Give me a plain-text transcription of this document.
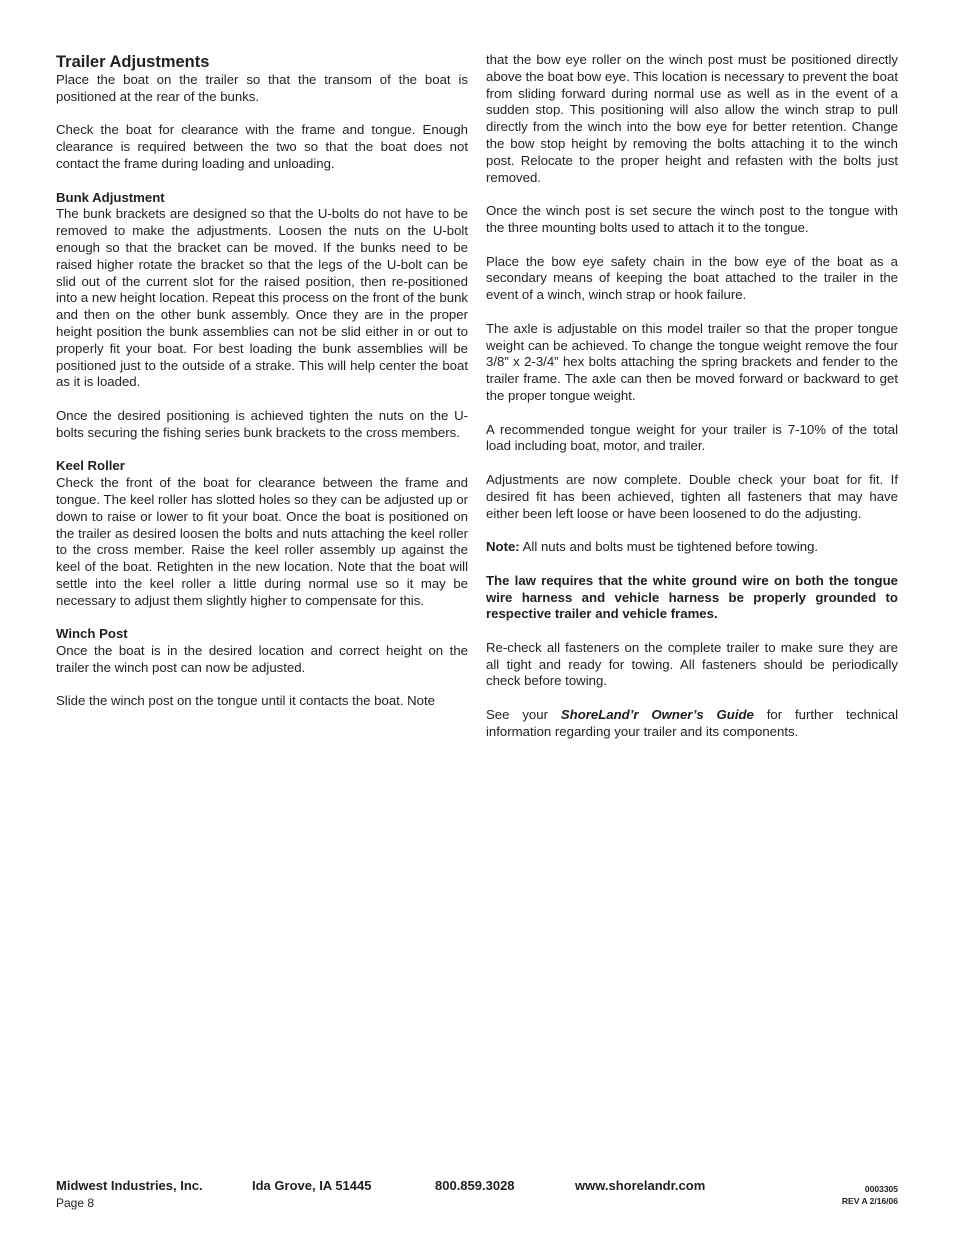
Trailer Adjustments

Place the boat on the trailer so that the transom of the boat is positioned at the rear of the bunks.

Check the boat for clearance with the frame and tongue. Enough clearance is required between the two so that the boat does not contact the frame during loading and unloading.

Bunk Adjustment

The bunk brackets are designed so that the U-bolts do not have to be removed to make the adjustments. Loosen the nuts on the U-bolt enough so that the bracket can be moved. If the bunks need to be raised higher rotate the bracket so that the legs of the U-bolt can be slid out of the current slot for the raised position, then re-positioned into a new height location. Repeat this process on the front of the bunk and then on the other bunk assembly. Once they are in the proper height position the bunk assemblies can not be slid either in or out to properly fit your boat. For best loading the bunk assemblies will be positioned just to the outside of a strake. This will help center the boat as it is loaded.

Once the desired positioning is achieved tighten the nuts on the U-bolts securing the fishing series bunk brackets to the cross members.

Keel Roller

Check the front of the boat for clearance between the frame and tongue. The keel roller has slotted holes so they can be adjusted up or down to raise or lower to fit your boat. Once the boat is positioned on the trailer as desired loosen the bolts and nuts attaching the keel roller to the cross member. Raise the keel roller assembly up against the keel of the boat. Retighten in the new location. Note that the boat will settle into the keel roller a little during normal use so it may be necessary to adjust them slightly higher to compensate for this.

Winch Post

Once the boat is in the desired location and correct height on the trailer the winch post can now be adjusted.

Slide the winch post on the tongue until it contacts the boat. Note

that the bow eye roller on the winch post must be positioned directly above the boat bow eye. This location is necessary to prevent the boat from sliding forward during normal use as well as in the event of a sudden stop. This positioning will also allow the winch strap to pull directly from the winch into the bow eye for better retention. Change the bow stop height by removing the bolts attaching it to the winch post. Relocate to the proper height and refasten with the bolts just removed.

Once the winch post is set secure the winch post to the tongue with the three mounting bolts used to attach it to the tongue.

Place the bow eye safety chain in the bow eye of the boat as a secondary means of keeping the boat attached to the trailer in the event of a winch, winch strap or hook failure.

The axle is adjustable on this model trailer so that the proper tongue weight can be achieved. To change the tongue weight remove the four 3/8” x 2-3/4” hex bolts attaching the spring brackets and fender to the trailer frame. The axle can then be moved forward or backward to get the proper tongue weight.

A recommended tongue weight for your trailer is 7-10% of the total load including boat, motor, and trailer.

Adjustments are now complete. Double check your boat for fit. If desired fit has been achieved, tighten all fasteners that may have either been left loose or have been loosened to do the adjusting.

Note: All nuts and bolts must be tightened before towing.

The law requires that the white ground wire on both the tongue wire harness and vehicle harness be properly grounded to respective trailer and vehicle frames.

Re-check all fasteners on the complete trailer to make sure they are all tight and ready for towing. All fasteners should be periodically check before towing.

See your ShoreLand’r Owner’s Guide for further technical information regarding your trailer and its components.

Midwest Industries, Inc.	Ida Grove, IA 51445	800.859.3028	www.shorelandr.com
Page 8
0003305
REV A 2/16/06
